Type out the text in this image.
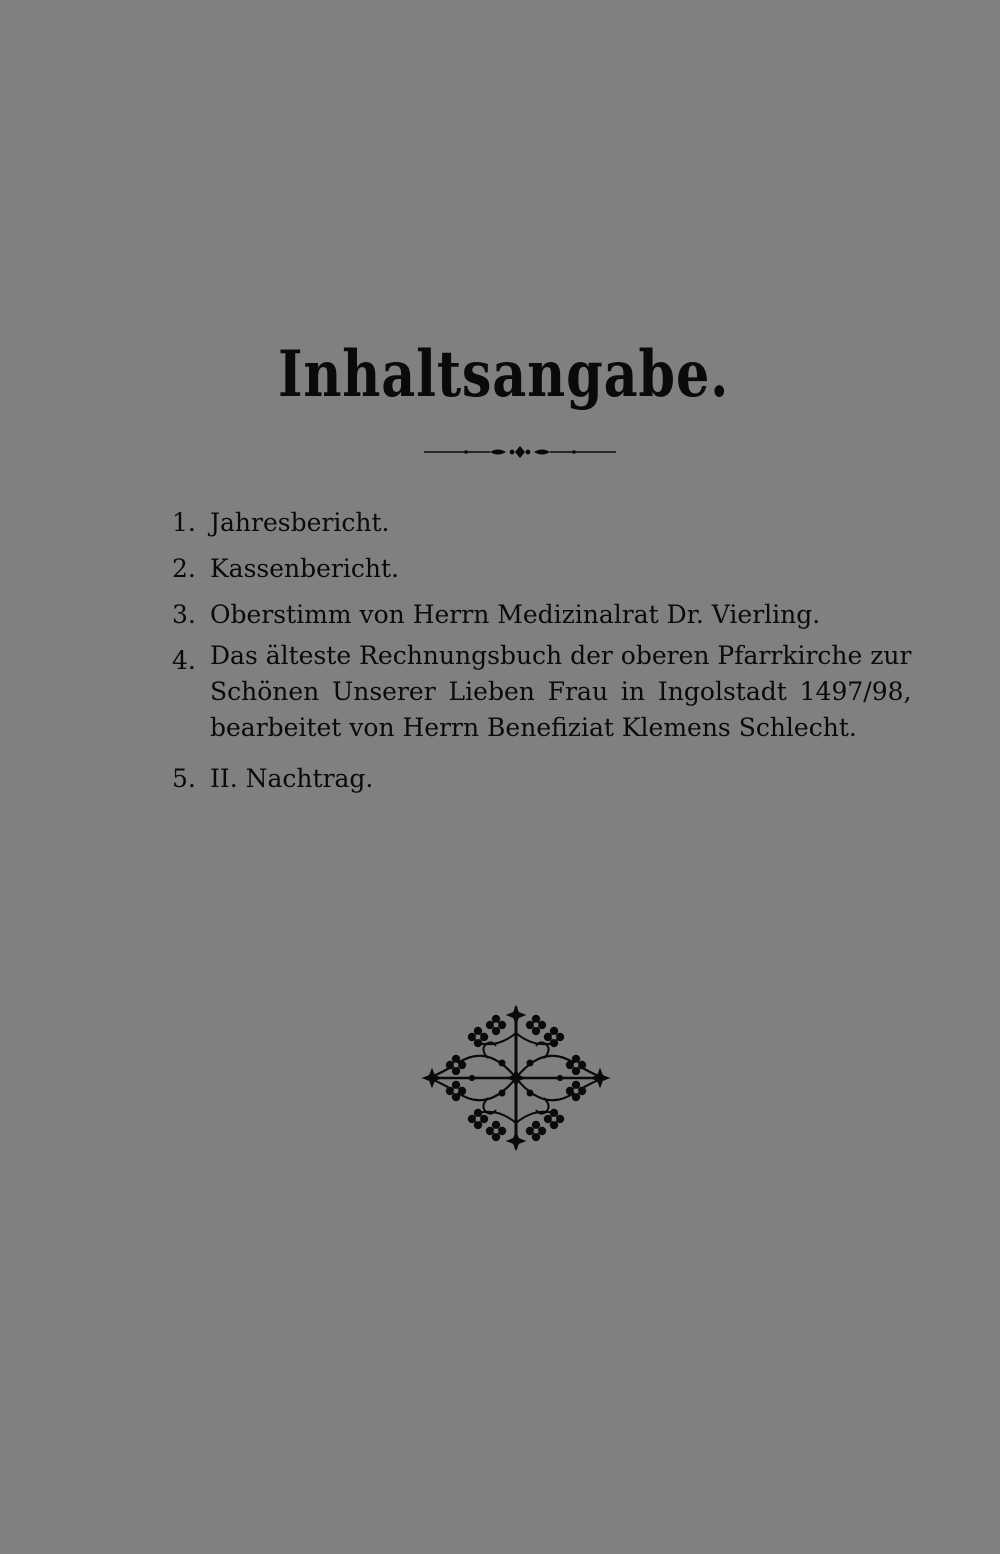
Inhaltsangabe.
1. Jahresbericht.
2. Kassenbericht.
3. Oberstimm von Herrn Medizinalrat Dr. Vierling.
4. Das älteste Rechnungsbuch der oberen Pfarrkirche zur
Schönen Unserer Lieben Frau in Ingolstadt 1497/98,
bearbeitet von Herrn Benefiziat Klemens Schlecht.
5. II. Nachtrag.
